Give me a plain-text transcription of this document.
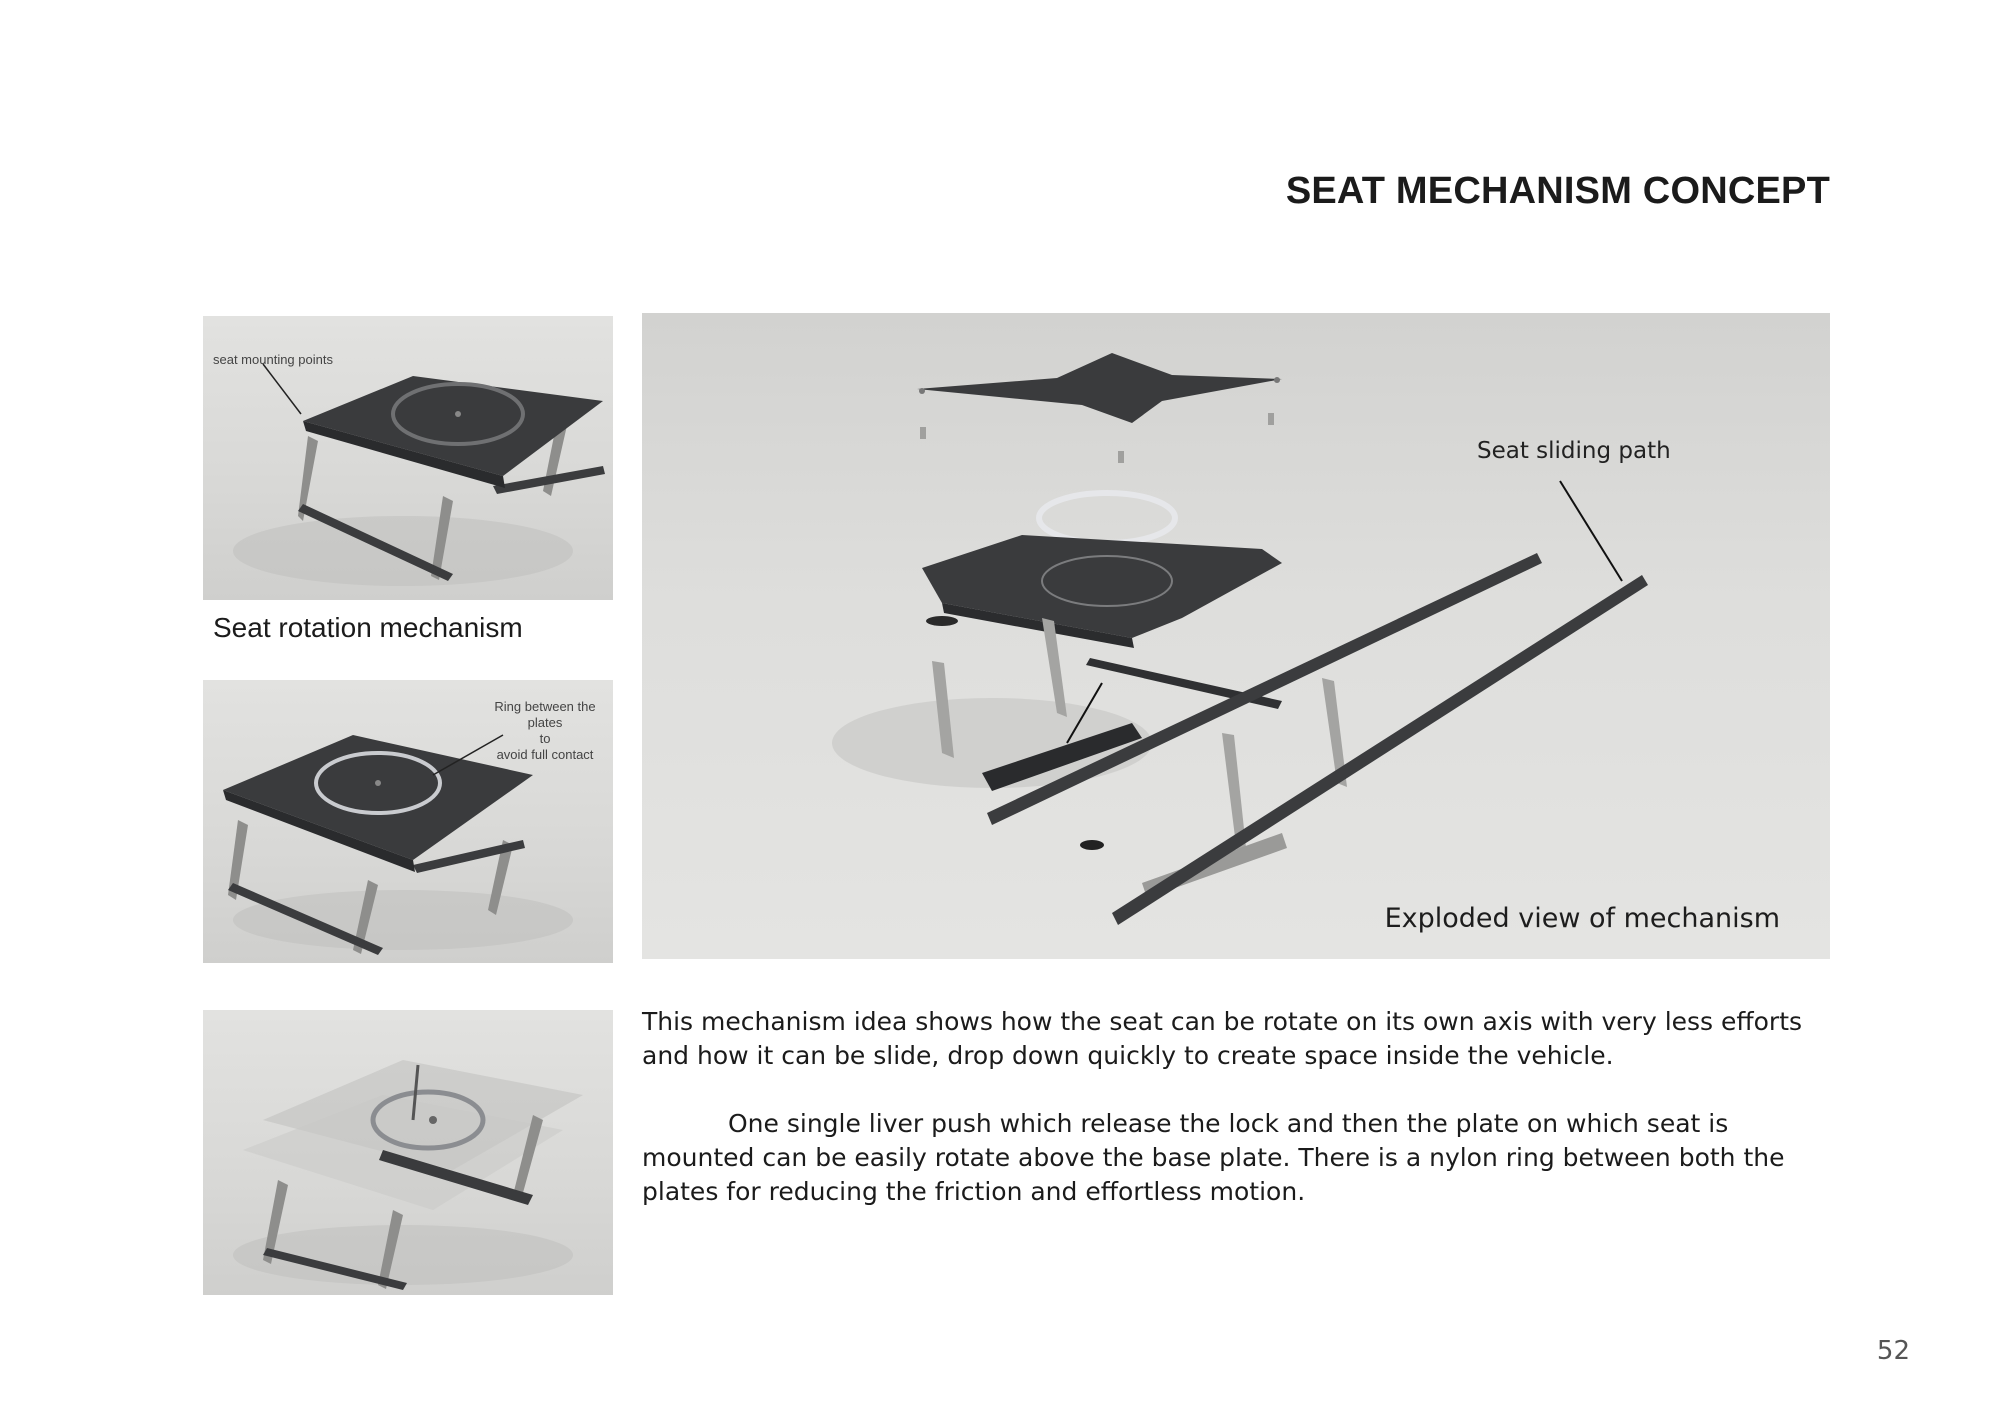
SEAT MECHANISM CONCEPT
seat mounting points
Seat rotation mechanism
Ring between the plates
to
avoid full contact
Seat sliding path
Exploded view of mechanism

This mechanism idea shows how the seat can be rotate on its own axis with very less efforts and how it can be slide, drop down quickly to create space inside the vehicle.

One single liver push which release the lock and then the plate on which seat is mounted can be easily rotate above the base plate. There is a nylon ring between both the plates for reducing the friction and effortless motion.

52
